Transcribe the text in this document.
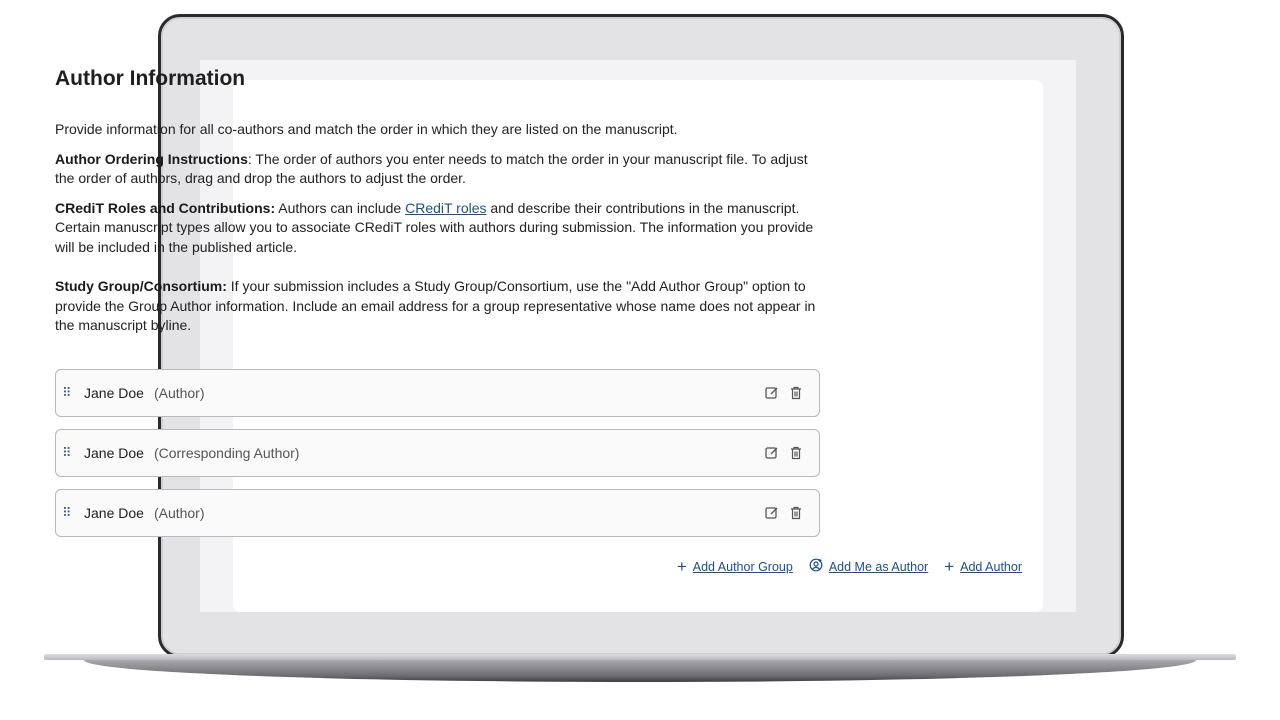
Author Information

Provide information for all co-authors and match the order in which they are listed on the manuscript.

Author Ordering Instructions: The order of authors you enter needs to match the order in your manuscript file. To adjust the order of authors, drag and drop the authors to adjust the order.

CRediT Roles and Contributions: Authors can include CRediT roles and describe their contributions in the manuscript. Certain manuscript types allow you to associate CRediT roles with authors during submission. The information you provide will be included in the published article.

Study Group/Consortium: If your submission includes a Study Group/Consortium, use the "Add Author Group" option to provide the Group Author information. Include an email address for a group representative whose name does not appear in the manuscript byline.

⠿ Jane Doe (Author)
⠿ Jane Doe (Corresponding Author)
⠿ Jane Doe (Author)
+ Add Author Group	Add Me as Author + Add Author
